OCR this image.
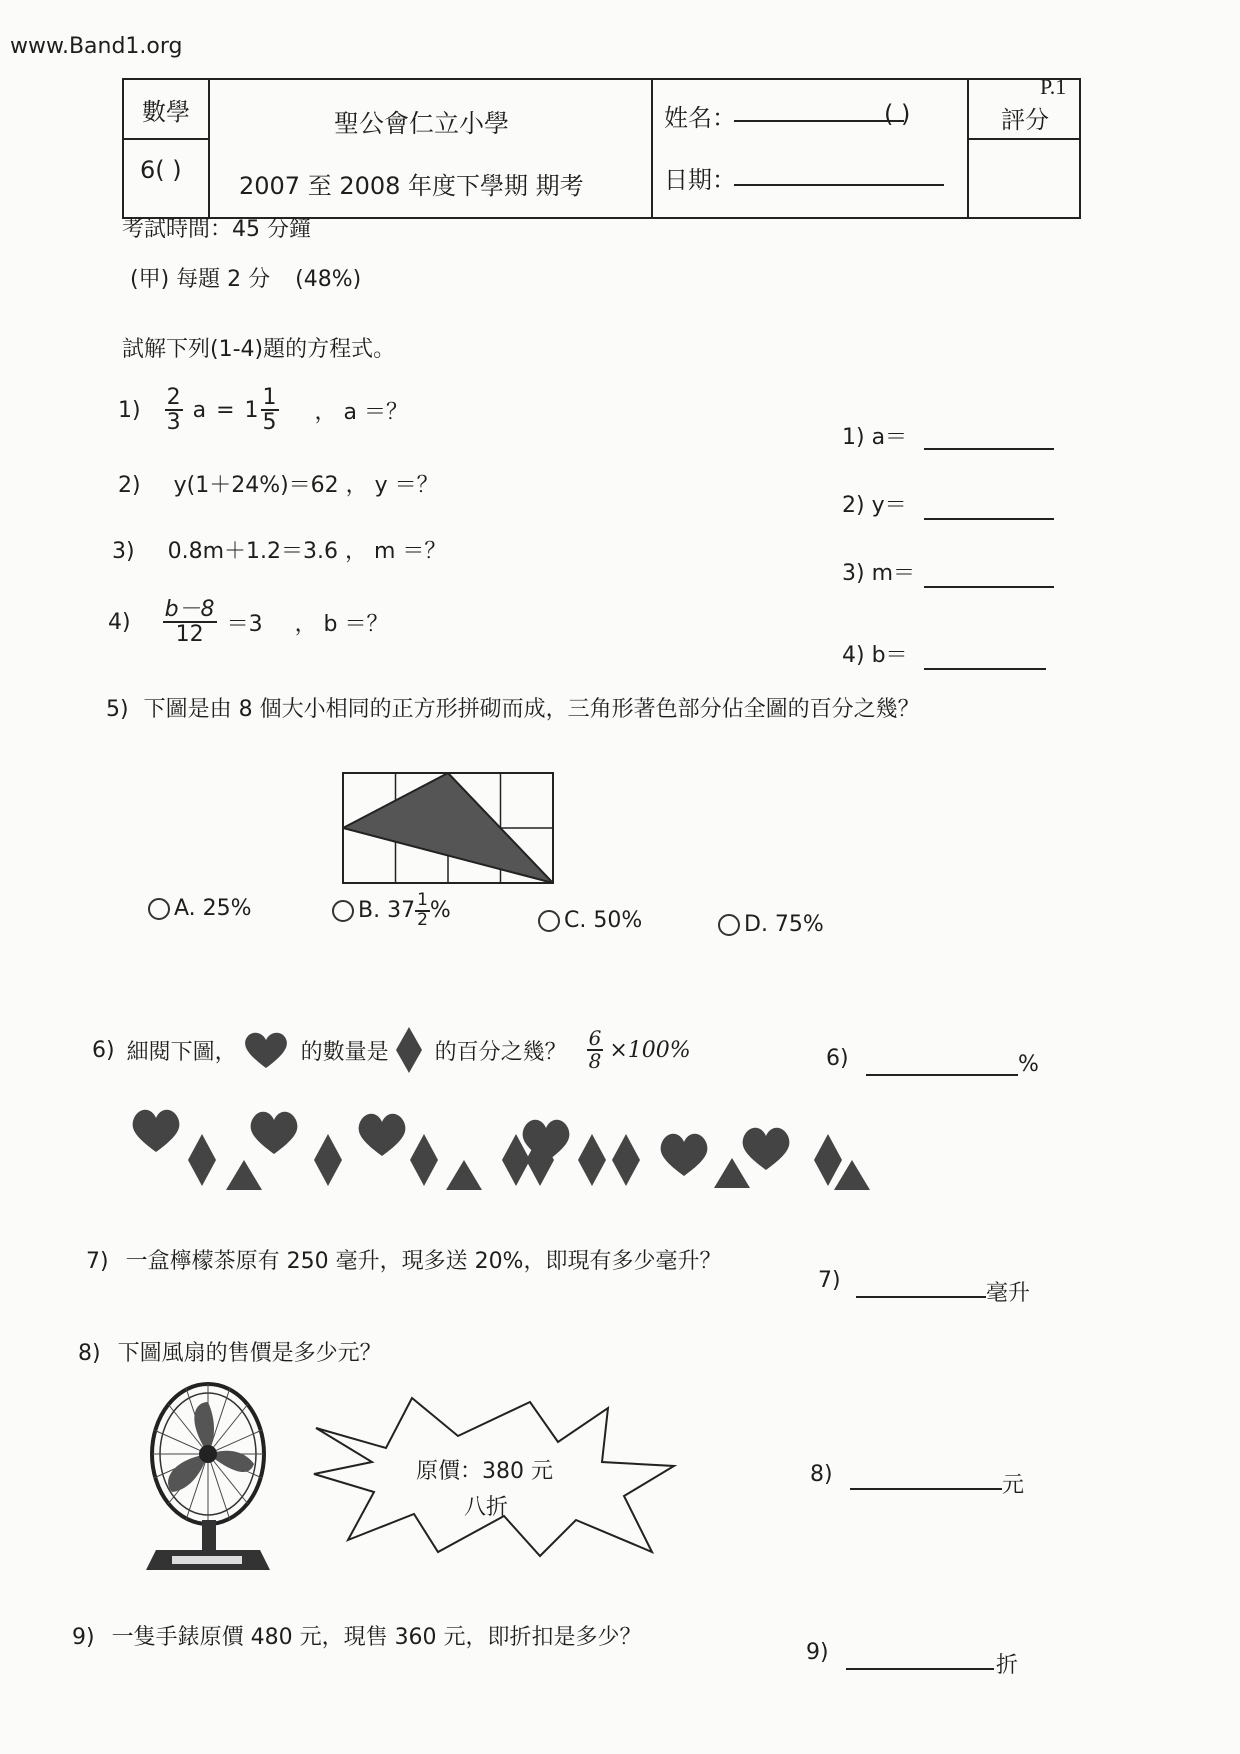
www.Band1.org
P.1
數學
6( )
聖公會仁立小學
2007 至 2008 年度下學期 期考
姓名：	( )
日期：
評分
考試時間：45 分鐘
(甲) 每題 2 分 (48%)
試解下列(1-4)題的方程式。
$1) \frac{2}{3}$ $a = 1 \frac{1}{5}$ ， a ＝？
1) a＝
2) y(1＋24%)＝62 ， y ＝？
2) y＝
3) 0.8m＋1.2＝3.6 ， m ＝？
3) m＝
$4) \frac{b-8}{12} =3$ ， b ＝？
4) b＝
5) 下圖是由 8 個大小相同的正方形拼砌而成，三角形著色部分佔全圖的百分之幾？
A. 25%	B. $37 \frac{1}{2}$ %	C. 50%	D. 75%
6) 細閱下圖，	的數量是 的百分之幾？ $\frac{6}{8} \times 100\%$	6)	%
7) 一盒檸檬茶原有 250 毫升，現多送 20%，即現有多少毫升？
7)
毫升
8) 下圖風扇的售價是多少元？
原價：380 元
八折
8)	元
9) 一隻手錶原價 480 元，現售 360 元，即折扣是多少？
9)
折
